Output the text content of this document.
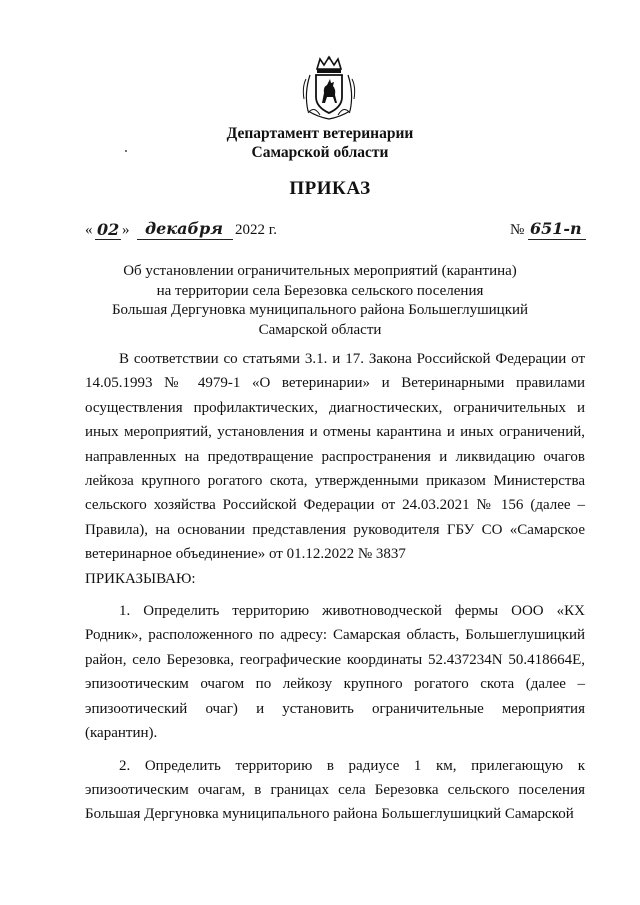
Департамент ветеринарии
Самарской области
ПРИКАЗ
« 02 » декабря 2022 г.	№ 651-п
Об установлении ограничительных мероприятий (карантина)
на территории села Березовка сельского поселения
Большая Дергуновка муниципального района Большеглушицкий
Самарской области

В соответствии со статьями 3.1. и 17. Закона Российской Федерации от 14.05.1993 № 4979-1 «О ветеринарии» и Ветеринарными правилами осуществления профилактических, диагностических, ограничительных и иных мероприятий, установления и отмены карантина и иных ограничений, направленных на предотвращение распространения и ликвидацию очагов лейкоза крупного рогатого скота, утвержденными приказом Министерства сельского хозяйства Российской Федерации от 24.03.2021 № 156 (далее – Правила), на основании представления руководителя ГБУ СО «Самарское ветеринарное объединение» от 01.12.2022 № 3837

ПРИКАЗЫВАЮ:

1. Определить территорию животноводческой фермы ООО «КХ Родник», расположенного по адресу: Самарская область, Большеглушицкий район, село Березовка, географические координаты 52.437234N 50.418664E, эпизоотическим очагом по лейкозу крупного рогатого скота (далее – эпизоотический очаг) и установить ограничительные мероприятия (карантин).

2. Определить территорию в радиусе 1 км, прилегающую к эпизоотическим очагам, в границах села Березовка сельского поселения Большая Дергуновка муниципального района Большеглушицкий Самарской
